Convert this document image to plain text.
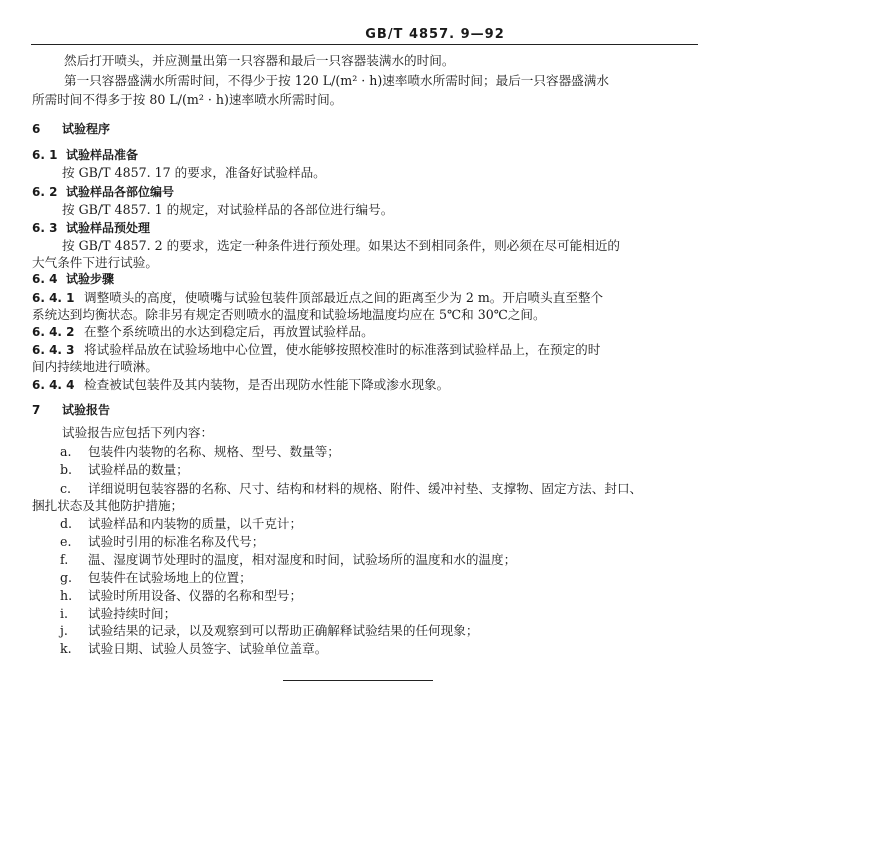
GB/T 4857. 9—92
然后打开喷头，并应测量出第一只容器和最后一只容器装满水的时间。
第一只容器盛满水所需时间，不得少于按 120 L/(m² · h)速率喷水所需时间；最后一只容器盛满水
所需时间不得多于按 80 L/(m² · h)速率喷水所需时间。
6 试验程序
6. 1 试验样品准备
按 GB/T 4857. 17 的要求，准备好试验样品。
6. 2 试验样品各部位编号
按 GB/T 4857. 1 的规定，对试验样品的各部位进行编号。
6. 3 试验样品预处理
按 GB/T 4857. 2 的要求，选定一种条件进行预处理。如果达不到相同条件，则必须在尽可能相近的
大气条件下进行试验。
6. 4 试验步骤
6. 4. 1 调整喷头的高度，使喷嘴与试验包装件顶部最近点之间的距离至少为 2 m。开启喷头直至整个
系统达到均衡状态。除非另有规定否则喷水的温度和试验场地温度均应在 5℃和 30℃之间。
6. 4. 2 在整个系统喷出的水达到稳定后，再放置试验样品。
6. 4. 3 将试验样品放在试验场地中心位置，使水能够按照校准时的标准落到试验样品上，在预定的时
间内持续地进行喷淋。
6. 4. 4 检查被试包装件及其内装物，是否出现防水性能下降或渗水现象。
7 试验报告
试验报告应包括下列内容：
a. 包装件内装物的名称、规格、型号、数量等；
b. 试验样品的数量；
c. 详细说明包装容器的名称、尺寸、结构和材料的规格、附件、缓冲衬垫、支撑物、固定方法、封口、
捆扎状态及其他防护措施；
d. 试验样品和内装物的质量，以千克计；
e. 试验时引用的标准名称及代号；
f. 温、湿度调节处理时的温度，相对湿度和时间，试验场所的温度和水的温度；
g. 包装件在试验场地上的位置；
h. 试验时所用设备、仪器的名称和型号；
i. 试验持续时间；
j. 试验结果的记录，以及观察到可以帮助正确解释试验结果的任何现象；
k. 试验日期、试验人员签字、试验单位盖章。
